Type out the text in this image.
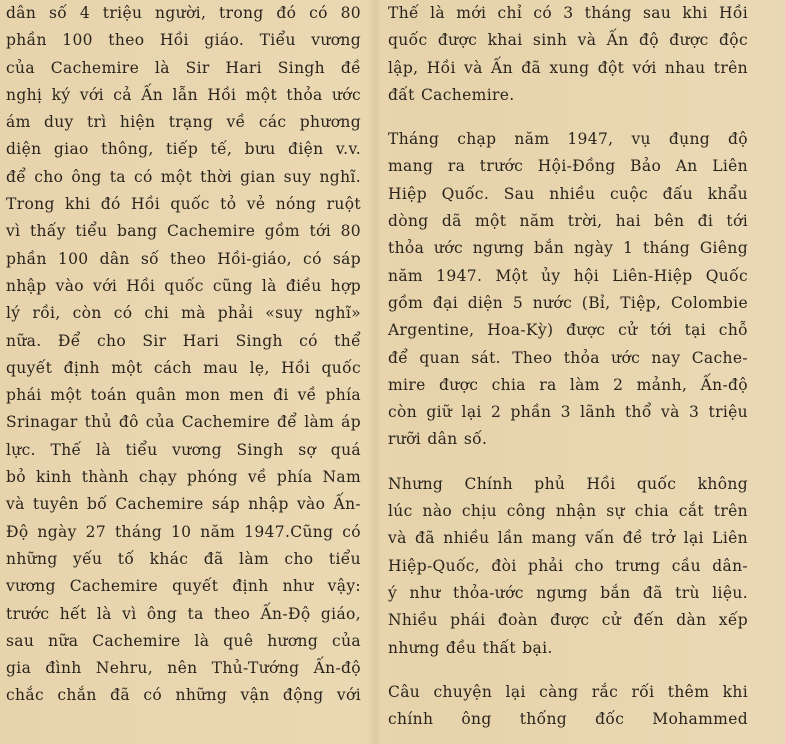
dân số 4 triệu người, trong đó có 80
phần 100 theo Hồi giáo. Tiểu vương
của Cachemire là Sir Hari Singh đề
nghị ký với cả Ấn lẫn Hồi một thỏa ước
ám duy trì hiện trạng về các phương
diện giao thông, tiếp tế, bưu điện v.v.
để cho ông ta có một thời gian suy nghĩ.
Trong khi đó Hồi quốc tỏ vẻ nóng ruột
vì thấy tiểu bang Cachemire gồm tới 80
phần 100 dân số theo Hồi-giáo, có sáp
nhập vào với Hồi quốc cũng là điều hợp
lý rồi, còn có chi mà phải «suy nghĩ»
nữa. Để cho Sir Hari Singh có thể
quyết định một cách mau lẹ, Hồi quốc
phái một toán quân mon men đi về phía
Srinagar thủ đô của Cachemire để làm áp
lực. Thế là tiểu vương Singh sợ quá
bỏ kinh thành chạy phóng về phía Nam
và tuyên bố Cachemire sáp nhập vào Ấn-
Độ ngày 27 tháng 10 năm 1947.Cũng có
những yếu tố khác đã làm cho tiểu
vương Cachemire quyết định như vậy:
trước hết là vì ông ta theo Ấn-Độ giáo,
sau nữa Cachemire là quê hương của
gia đình Nehru, nên Thủ-Tướng Ấn-độ
chắc chắn đã có những vận động với
Thế là mới chỉ có 3 tháng sau khi Hồi
quốc được khai sinh và Ấn độ được độc
lập, Hồi và Ấn đã xung đột với nhau trên
đất Cachemire.
Tháng chạp năm 1947, vụ đụng độ
mang ra trước Hội-Đồng Bảo An Liên
Hiệp Quốc. Sau nhiều cuộc đấu khẩu
dòng dã một năm trời, hai bên đi tới
thỏa ước ngưng bắn ngày 1 tháng Giêng
năm 1947. Một ủy hội Liên-Hiệp Quốc
gồm đại diện 5 nước (Bỉ, Tiệp, Colombie
Argentine, Hoa-Kỳ) được cử tới tại chỗ
để quan sát. Theo thỏa ước nay Cache-
mire được chia ra làm 2 mảnh, Ấn-độ
còn giữ lại 2 phần 3 lãnh thổ và 3 triệu
rưỡi dân số.
Nhưng Chính phủ Hồi quốc không
lúc nào chịu công nhận sự chia cắt trên
và đã nhiều lần mang vấn đề trở lại Liên
Hiệp-Quốc, đòi phải cho trưng cầu dân-
ý như thỏa-ước ngưng bắn đã trù liệu.
Nhiều phái đoàn được cử đến dàn xếp
nhưng đều thất bại.
Câu chuyện lại càng rắc rối thêm khi
chính ông thống đốc Mohammed
